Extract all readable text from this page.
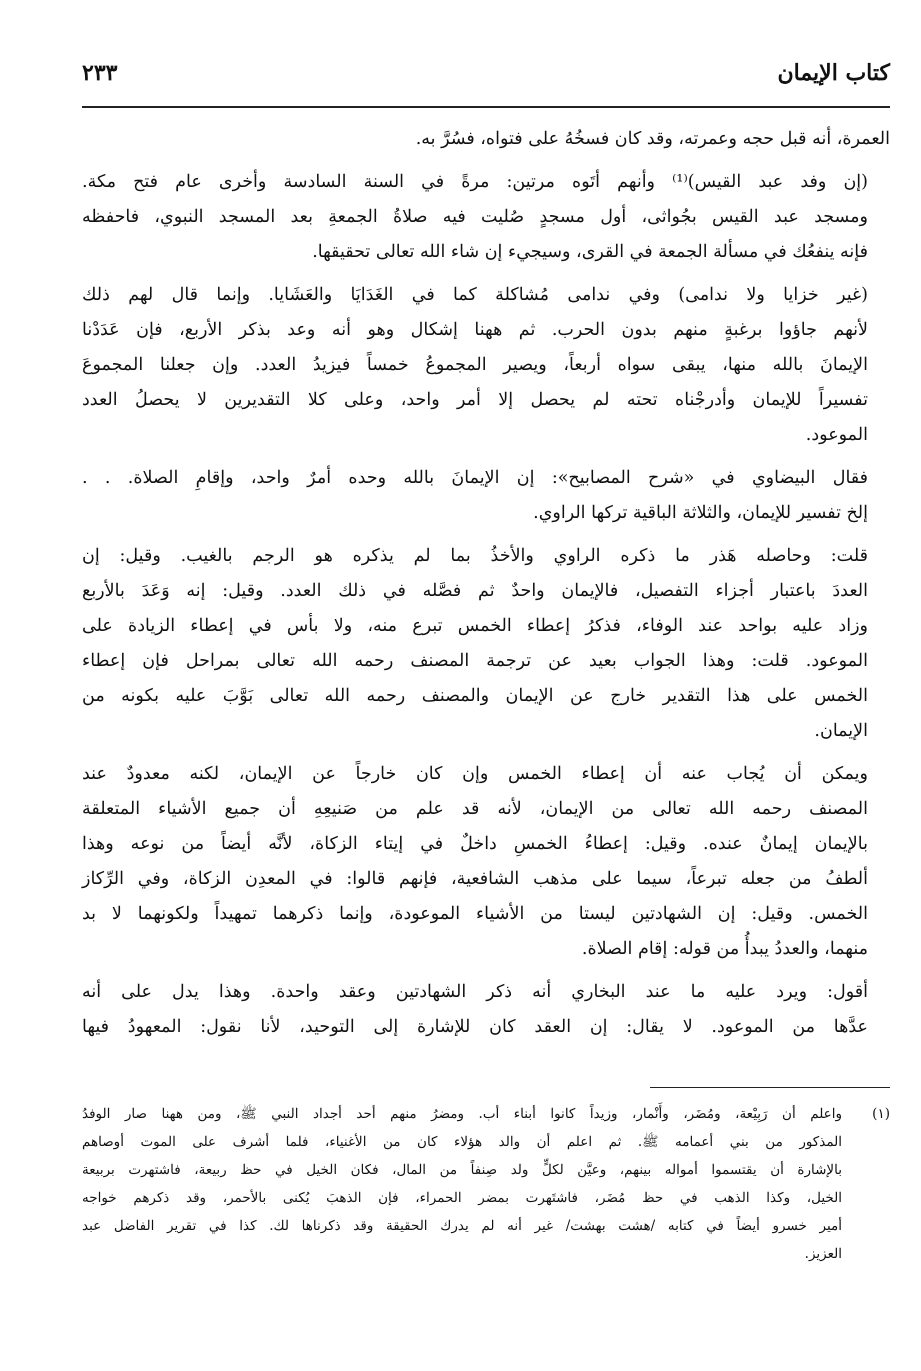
كتاب الإيمان
٢٣٣

العمرة، أنه قبل حجه وعمرته، وقد كان فسخُهُ على فتواه، فسُرَّ به.

(إن وفد عبد القيس)⁽¹⁾ وأنهم أتَوه مرتين: مرةً في السنة السادسة وأخرى عام فتح مكة.
ومسجد عبد القيس بجُواثى، أول مسجدٍ صُليت فيه صلاةُ الجمعةِ بعد المسجد النبوي، فاحفظه
فإنه ينفعُك في مسألة الجمعة في القرى، وسيجيء إن شاء الله تعالى تحقيقها.

(غير خزايا ولا ندامى) وفي ندامى مُشاكلة كما في الغَدَايَا والعَشَايا. وإنما قال لهم ذلك
لأنهم جاؤوا برغبةٍ منهم بدون الحرب. ثم ههنا إشكال وهو أنه وعد بذكر الأربع، فإن عَدَدْنا
الإيمانَ بالله منها، يبقى سواه أربعاً، ويصير المجموعُ خمساً فيزيدُ العدد. وإن جعلنا المجموعَ
تفسيراً للإيمان وأدرجْناه تحته لم يحصل إلا أمر واحد، وعلى كلا التقديرين لا يحصلُ العدد
الموعود.

فقال البيضاوي في «شرح المصابيح»: إن الإيمانَ بالله وحده أمرٌ واحد، وإقامِ الصلاة. . .
إلخ تفسير للإيمان، والثلاثة الباقية تركها الراوي.

قلت: وحاصله هَذر ما ذكره الراوي والأخذُ بما لم يذكره هو الرجم بالغيب. وقيل: إن
العددَ باعتبار أجزاء التفصيل، فالإيمان واحدٌ ثم فصَّله في ذلك العدد. وقيل: إنه وَعَدَ بالأربع
وزاد عليه بواحد عند الوفاء، فذكرُ إعطاء الخمس تبرع منه، ولا بأس في إعطاء الزيادة على
الموعود. قلت: وهذا الجواب بعيد عن ترجمة المصنف رحمه الله تعالى بمراحل فإن إعطاء
الخمس على هذا التقدير خارج عن الإيمان والمصنف رحمه الله تعالى بَوَّبَ عليه بكونه من
الإيمان.

ويمكن أن يُجاب عنه أن إعطاء الخمس وإن كان خارجاً عن الإيمان، لكنه معدودٌ عند
المصنف رحمه الله تعالى من الإيمان، لأنه قد علم من صَنيعِهِ أن جميع الأشياء المتعلقة
بالإيمان إيمانٌ عنده. وقيل: إعطاءُ الخمسِ داخلٌ في إيتاء الزكاة، لأنَّه أيضاً من نوعه وهذا
ألطفُ من جعله تبرعاً، سيما على مذهب الشافعية، فإنهم قالوا: في المعدِن الزكاة، وفي الرِّكاز
الخمس. وقيل: إن الشهادتين ليستا من الأشياء الموعودة، وإنما ذكرهما تمهيداً ولكونهما لا بد
منهما، والعددُ يبدأُ من قوله: إقام الصلاة.

أقول: ويرد عليه ما عند البخاري أنه ذكر الشهادتين وعقد واحدة. وهذا يدل على أنه
عدَّها من الموعود. لا يقال: إن العقد كان للإشارة إلى التوحيد، لأنا نقول: المعهودُ فيها

(١)
واعلم أن رَبِيْعة، ومُضَر، وأَنْمار، وزيداً كانوا أبناء أب. ومضرُ منهم أحد أجداد النبي ﷺ، ومن ههنا صار الوفدُ
المذكور من بني أعمامه ﷺ. ثم اعلم أن والد هؤلاء كان من الأغنياء، فلما أشرف على الموت أوصاهم
بالإشارة أن يقتسموا أمواله بينهم، وعيَّن لكلٍّ ولد صِنفاً من المال، فكان الخيل في حظ ربيعة، فاشتهرت بربيعة
الخيل، وكذا الذهب في حظ مُضَر، فاشتَهرت بمضر الحمراء، فإن الذهبَ يُكنى بالأحمر، وقد ذكرهم خواجه
أمير خسرو أيضاً في كتابه /هشت بهشت/ غير أنه لم يدرك الحقيقة وقد ذكرناها لك. كذا في تقرير الفاضل عبد
العزيز.
